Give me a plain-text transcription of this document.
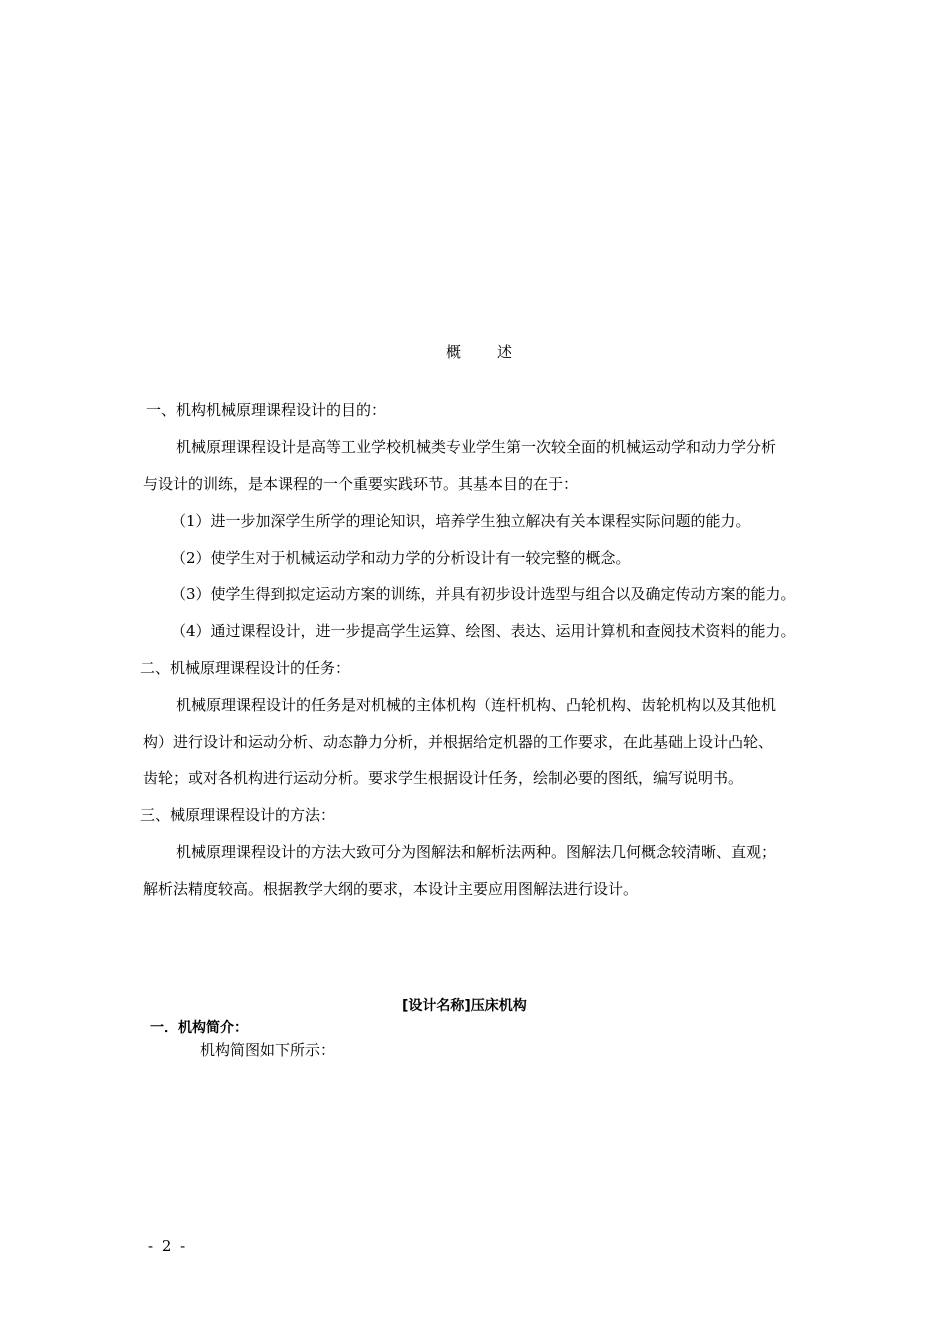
概 述
一、机构机械原理课程设计的目的：
机械原理课程设计是高等工业学校机械类专业学生第一次较全面的机械运动学和动力学分析
与设计的训练，是本课程的一个重要实践环节。其基本目的在于：
（1）进一步加深学生所学的理论知识，培养学生独立解决有关本课程实际问题的能力。
（2）使学生对于机械运动学和动力学的分析设计有一较完整的概念。
（3）使学生得到拟定运动方案的训练，并具有初步设计选型与组合以及确定传动方案的能力。
（4）通过课程设计，进一步提高学生运算、绘图、表达、运用计算机和查阅技术资料的能力。
二、机械原理课程设计的任务：
机械原理课程设计的任务是对机械的主体机构（连杆机构、凸轮机构、齿轮机构以及其他机
构）进行设计和运动分析、动态静力分析，并根据给定机器的工作要求，在此基础上设计凸轮、
齿轮；或对各机构进行运动分析。要求学生根据设计任务，绘制必要的图纸，编写说明书。
三、械原理课程设计的方法：
机械原理课程设计的方法大致可分为图解法和解析法两种。图解法几何概念较清晰、直观；
解析法精度较高。根据教学大纲的要求，本设计主要应用图解法进行设计。
[设计名称]压床机构
一．机构简介：
机构简图如下所示：
- 2 -
